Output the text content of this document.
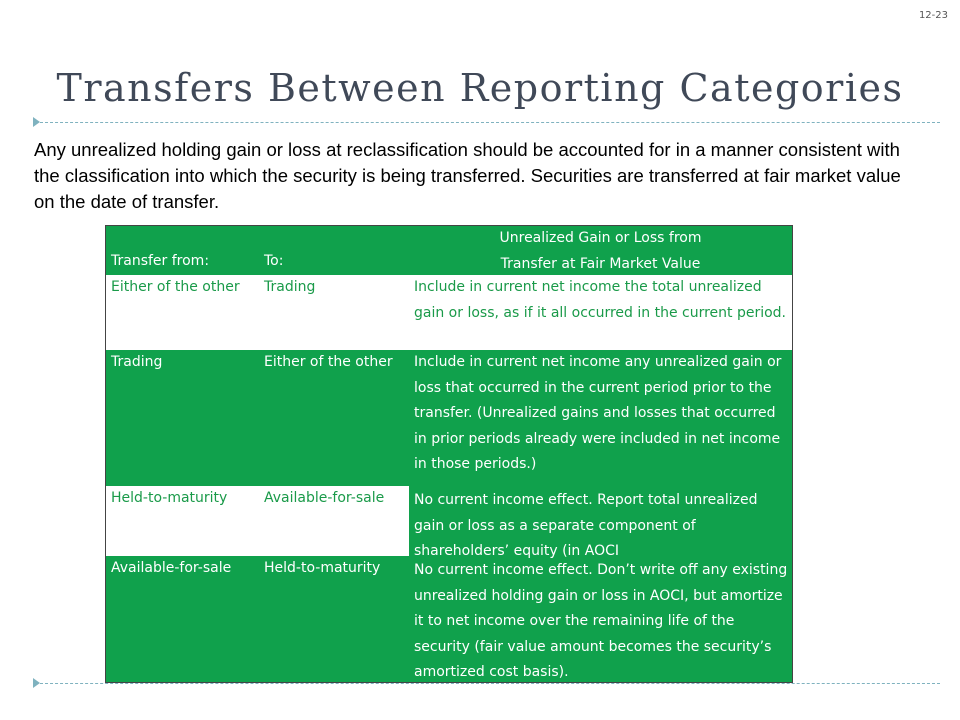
12-23
Transfers Between Reporting Categories
Any unrealized holding gain or loss at reclassification should be accounted for in a manner consistent with the classification into which the security is being transferred. Securities are transferred at fair market value on the date of transfer.
Transfer from:	To:
Unrealized Gain or Loss from
Transfer at Fair Market Value
Either of the other	Trading	Include in current net income the total unrealized gain or loss, as if it all occurred in the current period.
Trading	Either of the other	Include in current net income any unrealized gain or loss that occurred in the current period prior to the transfer. (Unrealized gains and losses that occurred in prior periods already were included in net income in those periods.)
Held-to-maturity	Available-for-sale	No current income effect. Report total unrealized gain or loss as a separate component of shareholders’ equity (in AOCI
Available-for-sale	Held-to-maturity	No current income effect. Don’t write off any existing unrealized holding gain or loss in AOCI, but amortize it to net income over the remaining life of the security (fair value amount becomes the security’s amortized cost basis).
